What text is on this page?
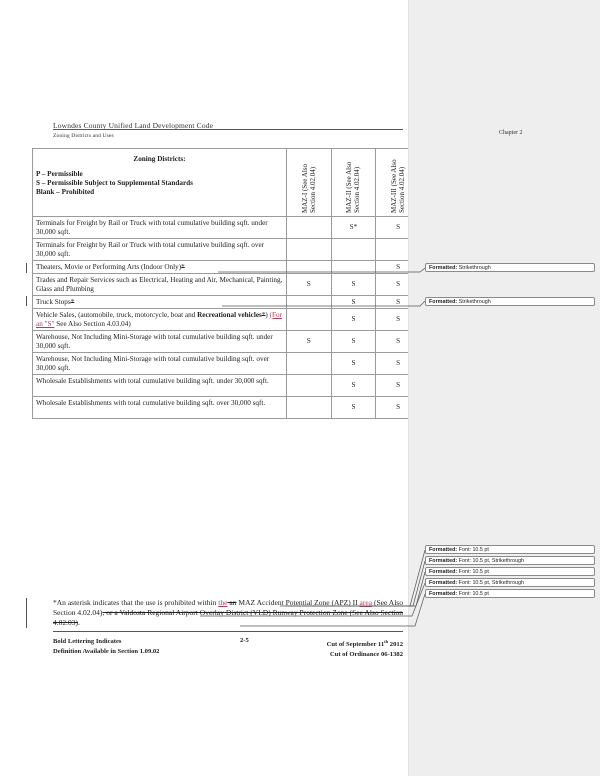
Lowndes County Unified Land Development Code
Zoning Districts and Uses
Zoning Districts:
P – Permissible
S – Permissible Subject to Supplemental Standards
Blank – Prohibited	MAZ-I (See Also Section 4.02.04)	MAZ-II (See Also Section 4.02.04)	MAZ-III (See Also Section 4.02.04)

Terminals for Freight by Rail or Truck with total cumulative building sqft. under 30,000 sqft.		S*	S
Terminals for Freight by Rail or Truck with total cumulative building sqft. over 30,000 sqft.			
Theaters, Movie or Performing Arts (Indoor Only)*			S
Trades and Repair Services such as Electrical, Heating and Air, Mechanical, Painting, Glass and Plumbing	S	S	S
Truck Stops*		S	S
Vehicle Sales, (automobile, truck, motorcycle, boat and Recreational vehicles*) (For an "S" See Also Section 4.03.04)		S	S
Warehouse, Not Including Mini-Storage with total cumulative building sqft. under 30,000 sqft.	S	S	S
Warehouse, Not Including Mini-Storage with total cumulative building sqft. over 30,000 sqft.		S	S
Wholesale Establishments with total cumulative building sqft. under 30,000 sqft.		S	S
Wholesale Establishments with total cumulative building sqft. over 30,000 sqft.		S	S
*An asterisk indicates that the use is prohibited within the an MAZ Accident Potential Zone (APZ) II area (See Also Section 4.02.04), or a Valdosta Regional Airport Overlay District (VLD) Runway Protection Zone (See Also Section 4.02.03).
Bold Lettering Indicates
Definition Available in Section 1.09.02
2-5
Cut of September 11th 2012
Cut of Ordinance 06-1382
Chapter 2
Formatted: Strikethrough
Formatted: Strikethrough
Formatted: Font: 10.5 pt
Formatted: Font: 10.5 pt, Strikethrough
Formatted: Font: 10.5 pt
Formatted: Font: 10.5 pt, Strikethrough
Formatted: Font: 10.5 pt
